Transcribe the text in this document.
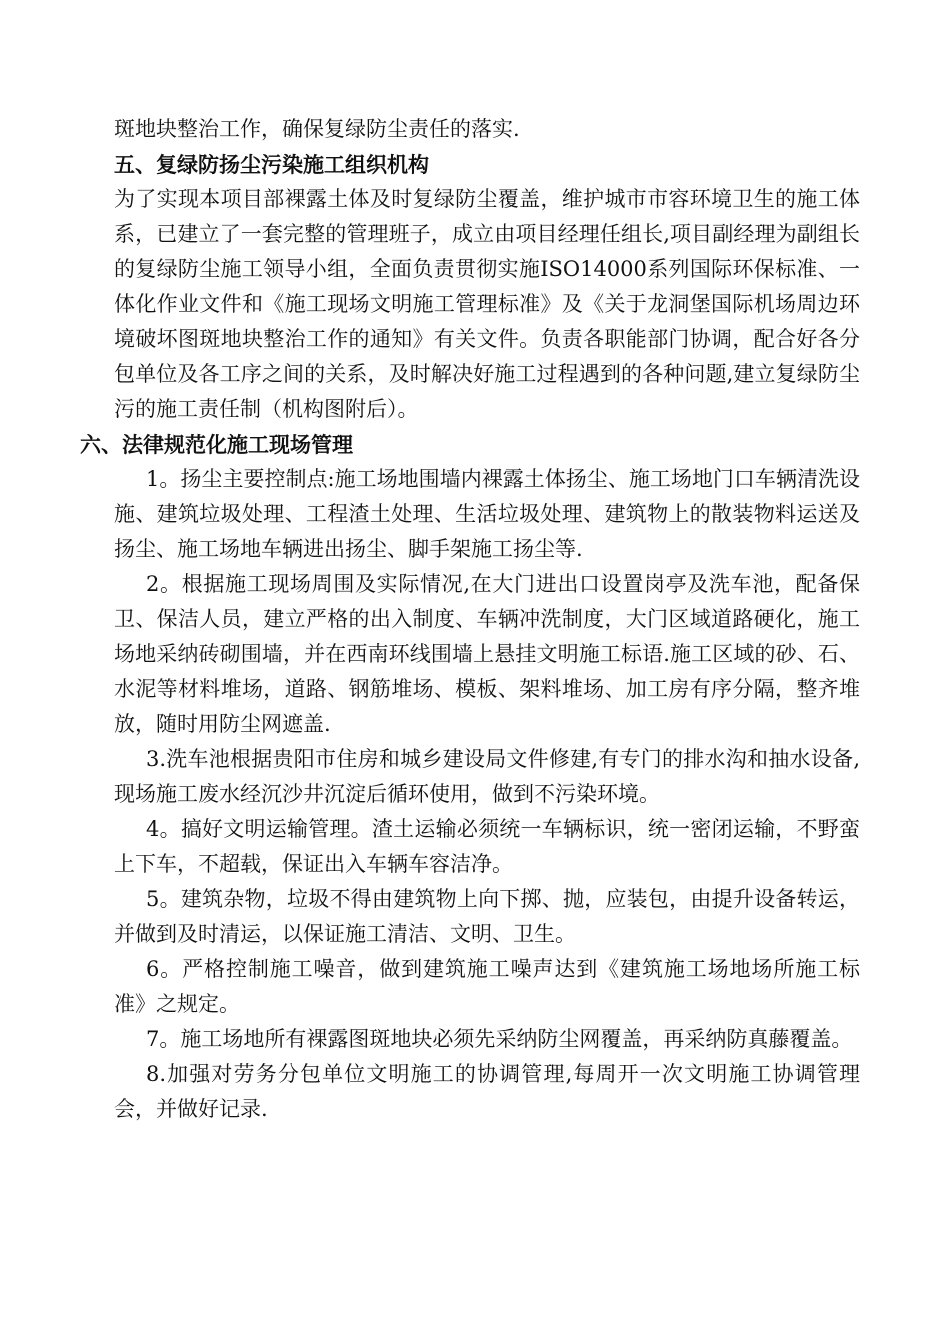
斑地块整治工作，确保复绿防尘责任的落实.

五、复绿防扬尘污染施工组织机构

为了实现本项目部裸露土体及时复绿防尘覆盖，维护城市市容环境卫生的施工体系，已建立了一套完整的管理班子，成立由项目经理任组长,项目副经理为副组长的复绿防尘施工领导小组，全面负责贯彻实施ISO14000系列国际环保标准、一体化作业文件和《施工现场文明施工管理标准》及《关于龙洞堡国际机场周边环境破坏图斑地块整治工作的通知》有关文件。负责各职能部门协调，配合好各分包单位及各工序之间的关系，及时解决好施工过程遇到的各种问题,建立复绿防尘污的施工责任制（机构图附后）。

六、法律规范化施工现场管理

1。扬尘主要控制点:施工场地围墙内裸露土体扬尘、施工场地门口车辆清洗设施、建筑垃圾处理、工程渣土处理、生活垃圾处理、建筑物上的散装物料运送及扬尘、施工场地车辆进出扬尘、脚手架施工扬尘等.

2。根据施工现场周围及实际情况,在大门进出口设置岗亭及洗车池，配备保卫、保洁人员，建立严格的出入制度、车辆冲洗制度，大门区域道路硬化，施工场地采纳砖砌围墙，并在西南环线围墙上悬挂文明施工标语.施工区域的砂、石、水泥等材料堆场，道路、钢筋堆场、模板、架料堆场、加工房有序分隔，整齐堆放，随时用防尘网遮盖.

3.洗车池根据贵阳市住房和城乡建设局文件修建,有专门的排水沟和抽水设备,现场施工废水经沉沙井沉淀后循环使用，做到不污染环境。

4。搞好文明运输管理。渣土运输必须统一车辆标识，统一密闭运输，不野蛮上下车，不超载，保证出入车辆车容洁净。

5。建筑杂物，垃圾不得由建筑物上向下掷、抛，应装包，由提升设备转运，并做到及时清运，以保证施工清洁、文明、卫生。

6。严格控制施工噪音，做到建筑施工噪声达到《建筑施工场地场所施工标准》之规定。

7。施工场地所有裸露图斑地块必须先采纳防尘网覆盖，再采纳防真藤覆盖。

8.加强对劳务分包单位文明施工的协调管理,每周开一次文明施工协调管理会，并做好记录.
